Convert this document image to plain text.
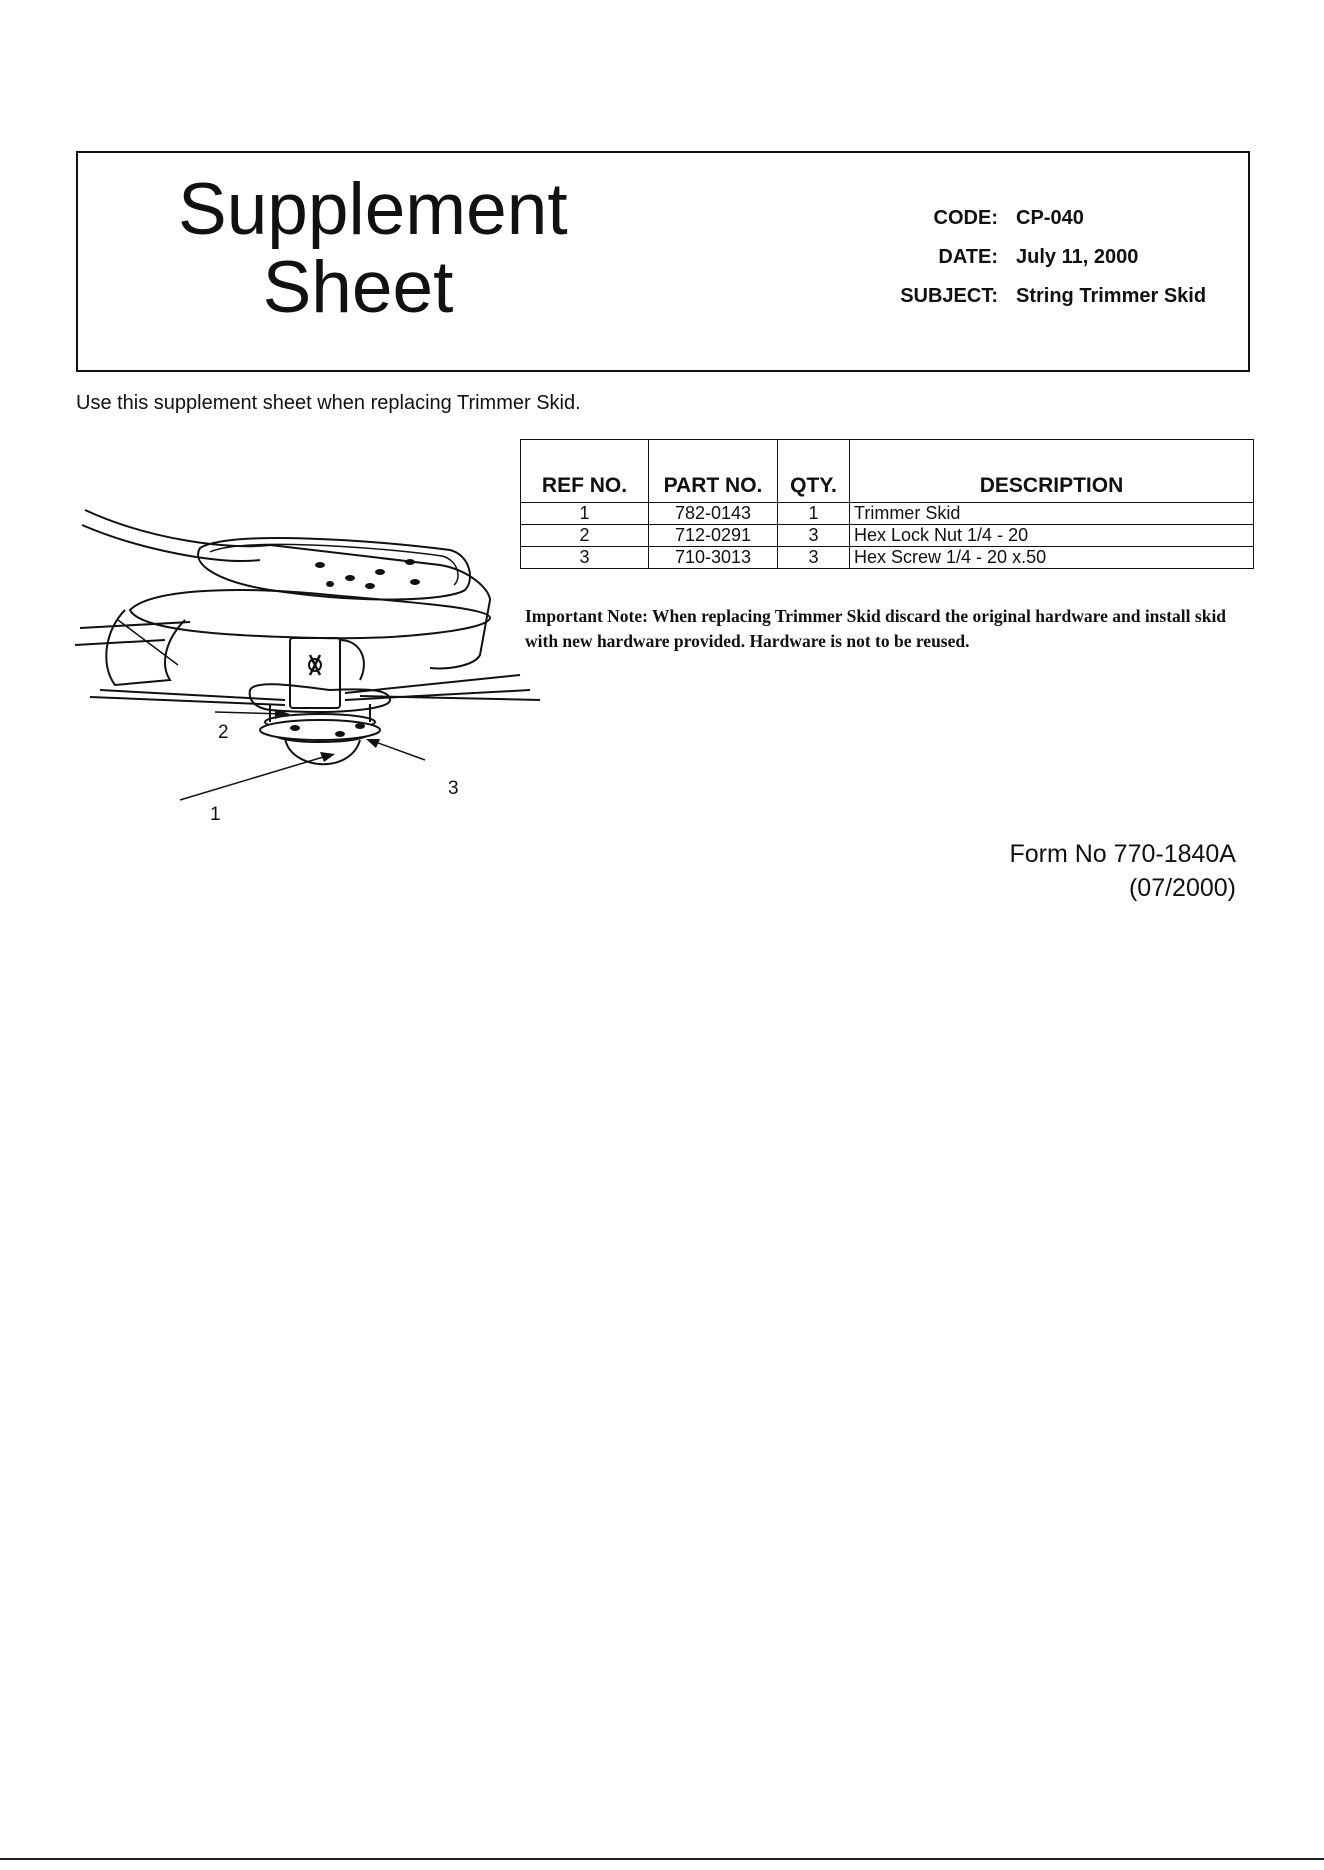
Supplement
Sheet
CODE: CP-040
DATE: July 11, 2000
SUBJECT: String Trimmer Skid
Use this supplement sheet when replacing Trimmer Skid.
REF NO.	PART NO.	QTY.	DESCRIPTION
1	782-0143	1	Trimmer Skid
2	712-0291	3	Hex Lock Nut 1/4 - 20
3	710-3013	3	Hex Screw 1/4 - 20 x.50
Important Note: When replacing Trimmer Skid discard the original hardware and install skid with new hardware provided. Hardware is not to be reused.
2
1
3
Form No 770-1840A
(07/2000)
